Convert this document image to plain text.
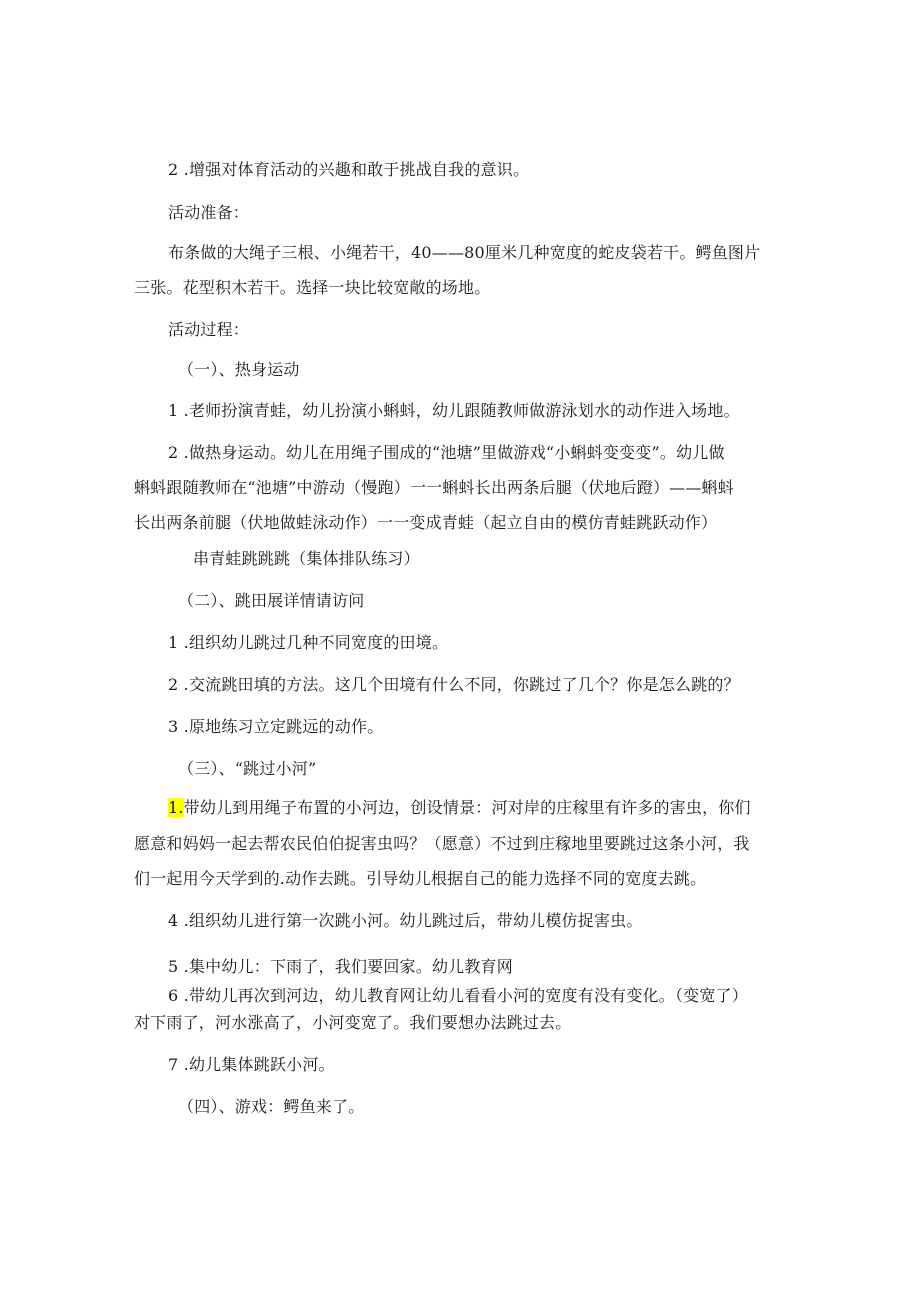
2 .增强对体育活动的兴趣和敢于挑战自我的意识。
活动准备：
布条做的大绳子三根、小绳若干，40——80厘米几种宽度的蛇皮袋若干。鳄鱼图片
三张。花型积木若干。选择一块比较宽敞的场地。
活动过程：
（一）、热身运动
1 .老师扮演青蛙，幼儿扮演小蝌蚪，幼儿跟随教师做游泳划水的动作进入场地。
2 .做热身运动。幼儿在用绳子围成的“池塘”里做游戏“小蝌蚪变变变”。幼儿做
蝌蚪跟随教师在“池塘”中游动（慢跑）一一蝌蚪长出两条后腿（伏地后蹬）——蝌蚪
长出两条前腿（伏地做蛙泳动作）一一变成青蛙（起立自由的模仿青蛙跳跃动作）
串青蛙跳跳跳（集体排队练习）
（二）、跳田展详情请访问
1 .组织幼儿跳过几种不同宽度的田境。
2 .交流跳田填的方法。这几个田境有什么不同，你跳过了几个？你是怎么跳的？
3 .原地练习立定跳远的动作。
（三）、“跳过小河”
1.带幼儿到用绳子布置的小河边，创设情景：河对岸的庄稼里有许多的害虫，你们
愿意和妈妈一起去帮农民伯伯捉害虫吗？（愿意）不过到庄稼地里要跳过这条小河，我
们一起用今天学到的.动作去跳。引导幼儿根据自己的能力选择不同的宽度去跳。
4 .组织幼儿进行第一次跳小河。幼儿跳过后，带幼儿模仿捉害虫。
5 .集中幼儿：下雨了，我们要回家。幼儿教育网
6 .带幼儿再次到河边，幼儿教育网让幼儿看看小河的宽度有没有变化。（变宽了）
对下雨了，河水涨高了，小河变宽了。我们要想办法跳过去。
7 .幼儿集体跳跃小河。
（四）、游戏：鳄鱼来了。
